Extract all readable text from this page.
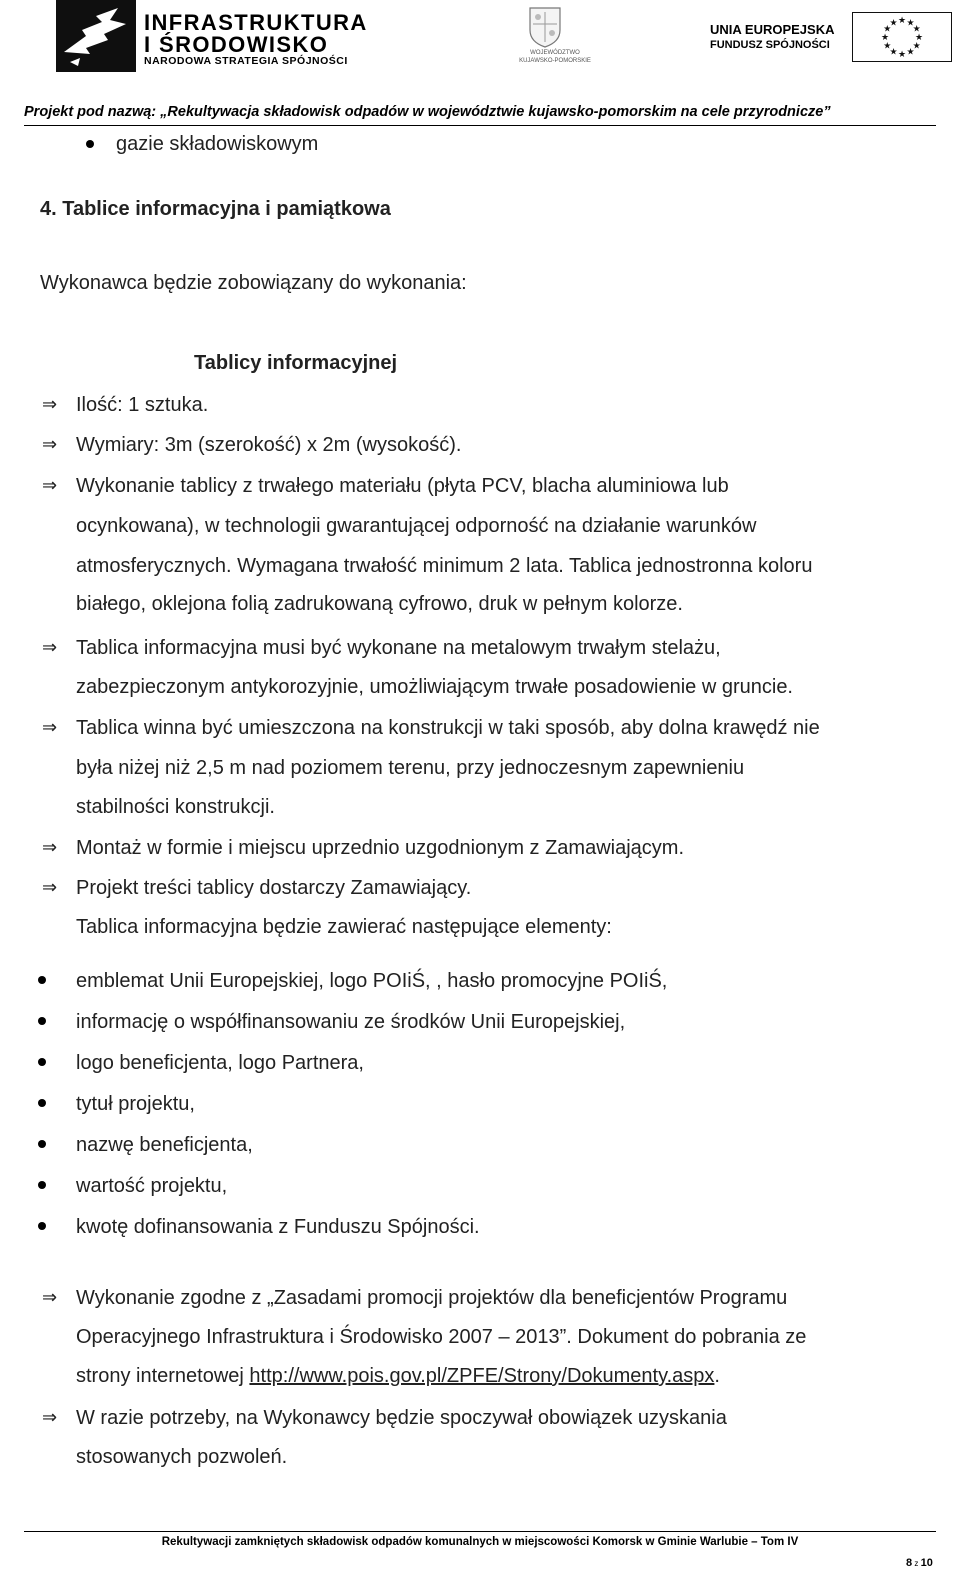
INFRASTRUKTURA
I ŚRODOWISKO
NARODOWA STRATEGIA SPÓJNOŚCI
WOJEWÓDZTWO
KUJAWSKO-POMORSKIE
UNIA EUROPEJSKA
FUNDUSZ SPÓJNOŚCI
★
★
★
★
★
★
★
★
★ ★ ★
★
Projekt pod nazwą: „Rekultywacja składowisk odpadów w województwie kujawsko-pomorskim na cele przyrodnicze”
gazie składowiskowym
4. Tablice informacyjna i pamiątkowa
Wykonawca będzie zobowiązany do wykonania:
Tablicy informacyjnej
⇒ Ilość: 1 sztuka.
⇒ Wymiary: 3m (szerokość) x 2m (wysokość).
⇒ Wykonanie tablicy z trwałego materiału (płyta PCV, blacha aluminiowa lub
ocynkowana), w technologii gwarantującej odporność na działanie warunków
atmosferycznych. Wymagana trwałość minimum 2 lata. Tablica jednostronna koloru
białego, oklejona folią zadrukowaną cyfrowo, druk w pełnym kolorze.
⇒ Tablica informacyjna musi być wykonane na metalowym trwałym stelażu,
zabezpieczonym antykorozyjnie, umożliwiającym trwałe posadowienie w gruncie.
⇒ Tablica winna być umieszczona na konstrukcji w taki sposób, aby dolna krawędź nie
była niżej niż 2,5 m nad poziomem terenu, przy jednoczesnym zapewnieniu
stabilności konstrukcji.
⇒ Montaż w formie i miejscu uprzednio uzgodnionym z Zamawiającym.
⇒ Projekt treści tablicy dostarczy Zamawiający.
Tablica informacyjna będzie zawierać następujące elementy:
emblemat Unii Europejskiej, logo POIiŚ, , hasło promocyjne POIiŚ,
informację o współfinansowaniu ze środków Unii Europejskiej,
logo beneficjenta, logo Partnera,
tytuł projektu,
nazwę beneficjenta,
wartość projektu,
kwotę dofinansowania z Funduszu Spójności.
⇒ Wykonanie zgodne z „Zasadami promocji projektów dla beneficjentów Programu
Operacyjnego Infrastruktura i Środowisko 2007 – 2013”. Dokument do pobrania ze
strony internetowej http://www.pois.gov.pl/ZPFE/Strony/Dokumenty.aspx.
⇒ W razie potrzeby, na Wykonawcy będzie spoczywał obowiązek uzyskania
stosowanych pozwoleń.
Rekultywacji zamkniętych składowisk odpadów komunalnych w miejscowości Komorsk w Gminie Warlubie – Tom IV
8 z 10
